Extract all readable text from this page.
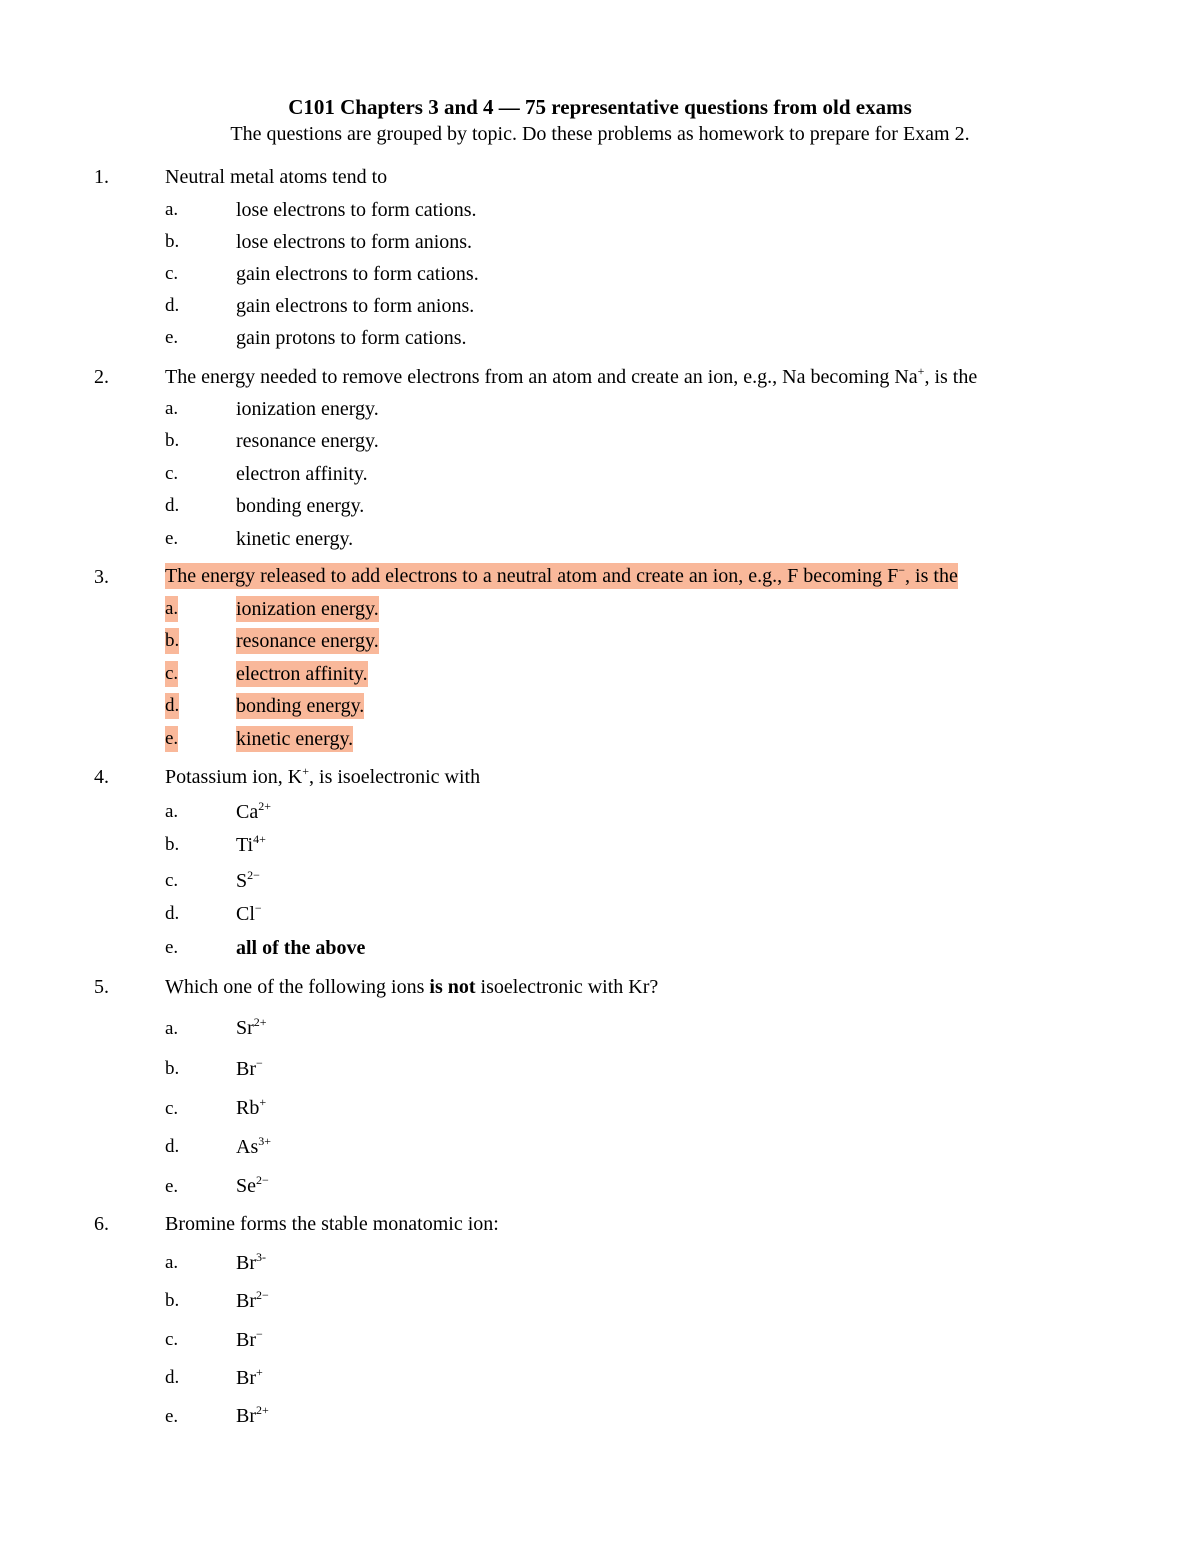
C101 Chapters 3 and 4 — 75 representative questions from old exams
The questions are grouped by topic. Do these problems as homework to prepare for Exam 2.
1.	Neutral metal atoms tend to
a.	lose electrons to form cations.
b.	lose electrons to form anions.
c.	gain electrons to form cations.
d.	gain electrons to form anions.
e.	gain protons to form cations.
2.	The energy needed to remove electrons from an atom and create an ion, e.g., Na becoming Na+, is the
a.	ionization energy.
b.	resonance energy.
c.	electron affinity.
d.	bonding energy.
e.	kinetic energy.
3.	The energy released to add electrons to a neutral atom and create an ion, e.g., F becoming F−, is the
a.	ionization energy.
b.	resonance energy.
c.	electron affinity.
d.	bonding energy.
e.	kinetic energy.
4.	Potassium ion, K+, is isoelectronic with
a.	$Ca^{2+}$
b.	$Ti^{4+}$
c.	$S^{2-}$
d.	Cl−
e.	all of the above
5.	Which one of the following ions is not isoelectronic with Kr?
a.	$Sr^{2+}$
b.	Br−
c.	Rb+
d.	$As^{3+}$
e.	$Se^{2-}$
6.	Bromine forms the stable monatomic ion:
a.	$Br^{3-}$
b.	$Br^{2-}$
c.	Br−
d.	Br+
e.	$Br^{2+}$
